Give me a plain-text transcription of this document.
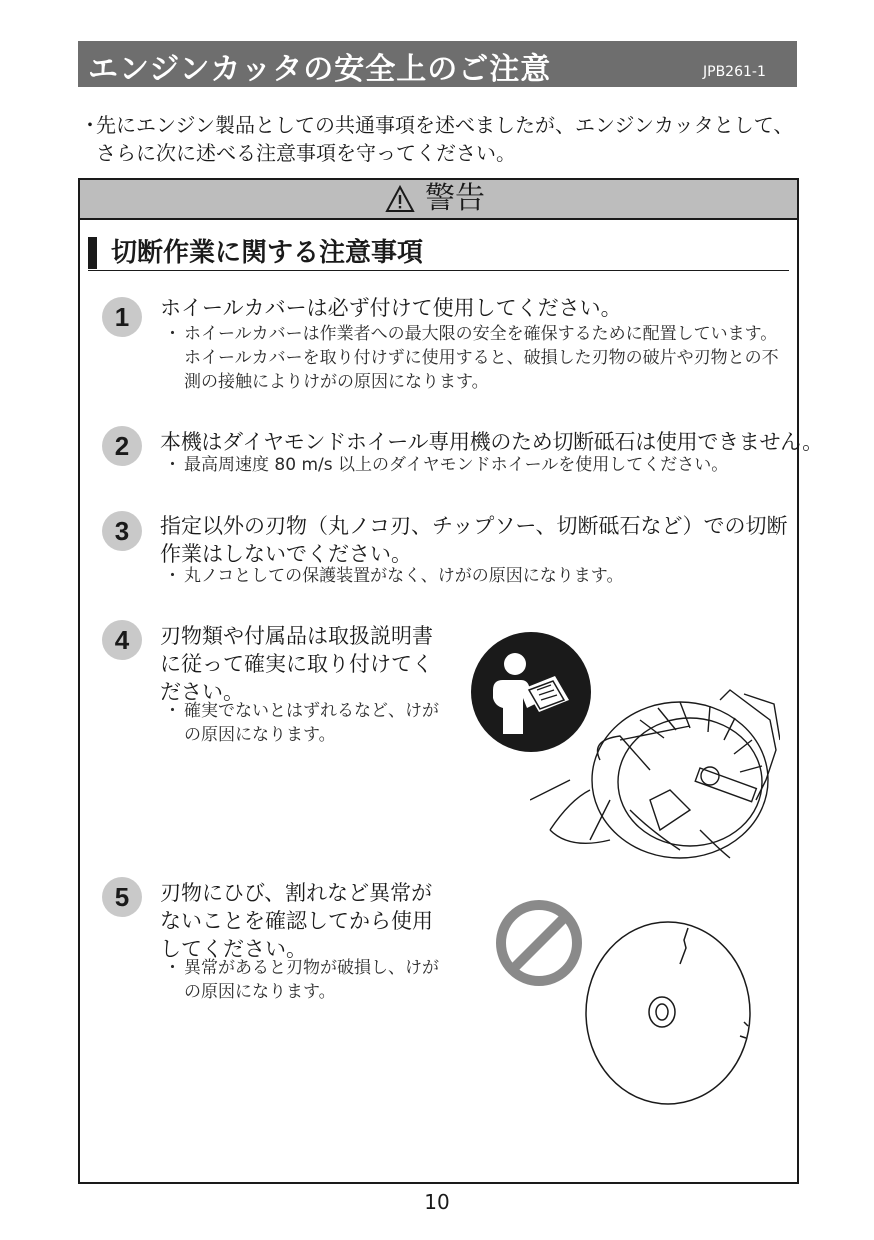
エンジンカッタの安全上のご注意	JPB261-1
・
先にエンジン製品としての共通事項を述べましたが、エンジンカッタとして、さらに次に述べる注意事項を守ってください。
警告
切断作業に関する注意事項
1	ホイールカバーは必ず付けて使用してください。
・ ホイールカバーは作業者への最大限の安全を確保するために配置しています。ホイールカバーを取り付けずに使用すると、破損した刃物の破片や刃物との不測の接触によりけがの原因になります。
2	本機はダイヤモンドホイール専用機のため切断砥石は使用できません。
・ 最高周速度 80 m/s 以上のダイヤモンドホイールを使用してください。
3	指定以外の刃物（丸ノコ刃、チップソー、切断砥石など）での切断作業はしないでください。
・ 丸ノコとしての保護装置がなく、けがの原因になります。
4	刃物類や付属品は取扱説明書に従って確実に取り付けてください。
・ 確実でないとはずれるなど、けがの原因になります。
5	刃物にひび、割れなど異常がないことを確認してから使用してください。
・ 異常があると刃物が破損し、けがの原因になります。
10
